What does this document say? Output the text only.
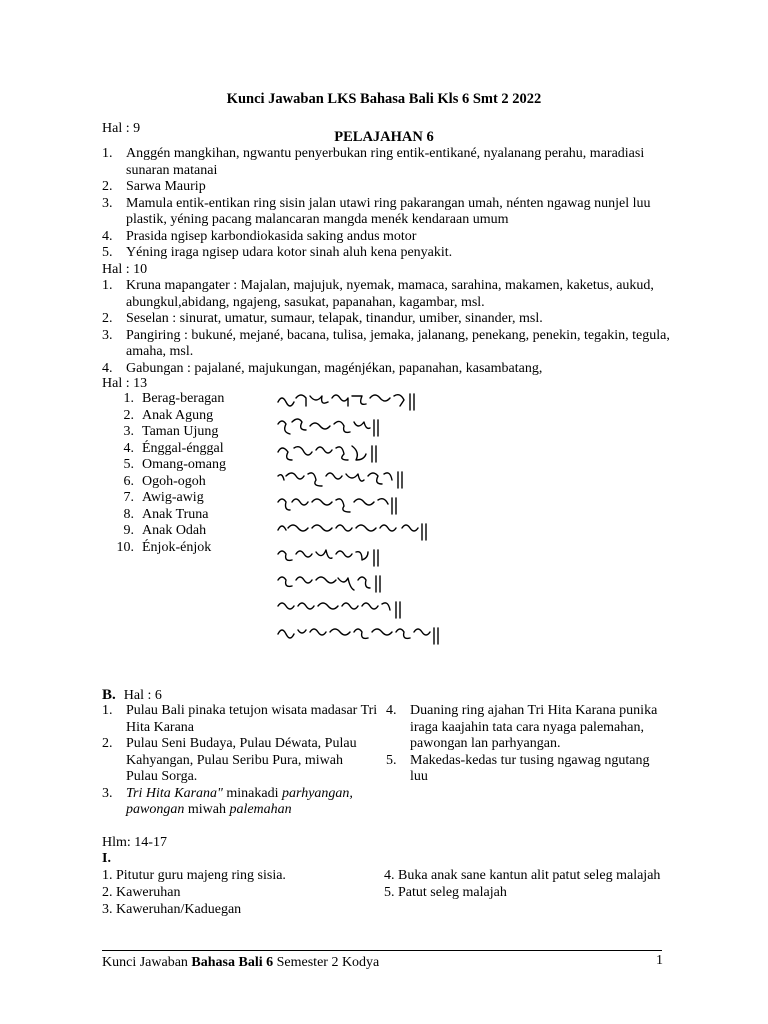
Kunci Jawaban LKS Bahasa Bali Kls 6 Smt 2 2022
Hal : 9
PELAJAHAN 6
1. Anggén mangkihan, ngwantu penyerbukan ring entik-entikané, nyalanang perahu, maradiasi sunaran matanai
2. Sarwa Maurip
3. Mamula entik-entikan ring sisin jalan utawi ring pakarangan umah, nénten ngawag nunjel luu plastik, yéning pacang malancaran mangda menék kendaraan umum
4. Prasida ngisep karbondiokasida saking andus motor
5. Yéning iraga ngisep udara kotor sinah aluh kena penyakit.
Hal : 10
1. Kruna mapangater : Majalan, majujuk, nyemak, mamaca, sarahina, makamen, kaketus, aukud, abungkul,abidang, ngajeng, sasukat, papanahan, kagambar, msl.
2. Seselan : sinurat, umatur, sumaur, telapak, tinandur, umiber, sinander, msl.
3. Pangiring : bukuné, mejané, bacana, tulisa, jemaka, jalanang, penekang, penekin, tegakin, tegula, amaha, msl.
4. Gabungan : pajalané, majukungan, magénjékan, papanahan, kasambatang,
Hal : 13
1. Berag-beragan
2. Anak Agung
3. Taman Ujung
4. Énggal-énggal
5. Omang-omang
6. Ogoh-ogoh
7. Awig-awig
8. Anak Truna
9. Anak Odah
10. Énjok-énjok
B. Hal : 6
1. Pulau Bali pinaka tetujon wisata madasar Tri Hita Karana
2. Pulau Seni Budaya, Pulau Déwata, Pulau Kahyangan, Pulau Seribu Pura, miwah Pulau Sorga.
3. Tri Hita Karana" minakadi parhyangan,
pawongan miwah palemahan
4. Duaning ring ajahan Tri Hita Karana punika iraga kaajahin tata cara nyaga palemahan, pawongan lan parhyangan.
5. Makedas-kedas tur tusing ngawag ngutang luu
Hlm: 14-17
I.
1. Pitutur guru majeng ring sisia.
2. Kaweruhan
3. Kaweruhan/Kaduegan
4. Buka anak sane kantun alit patut seleg malajah
5. Patut seleg malajah
Kunci Jawaban Bahasa Bali 6 Semester 2 Kodya	1
